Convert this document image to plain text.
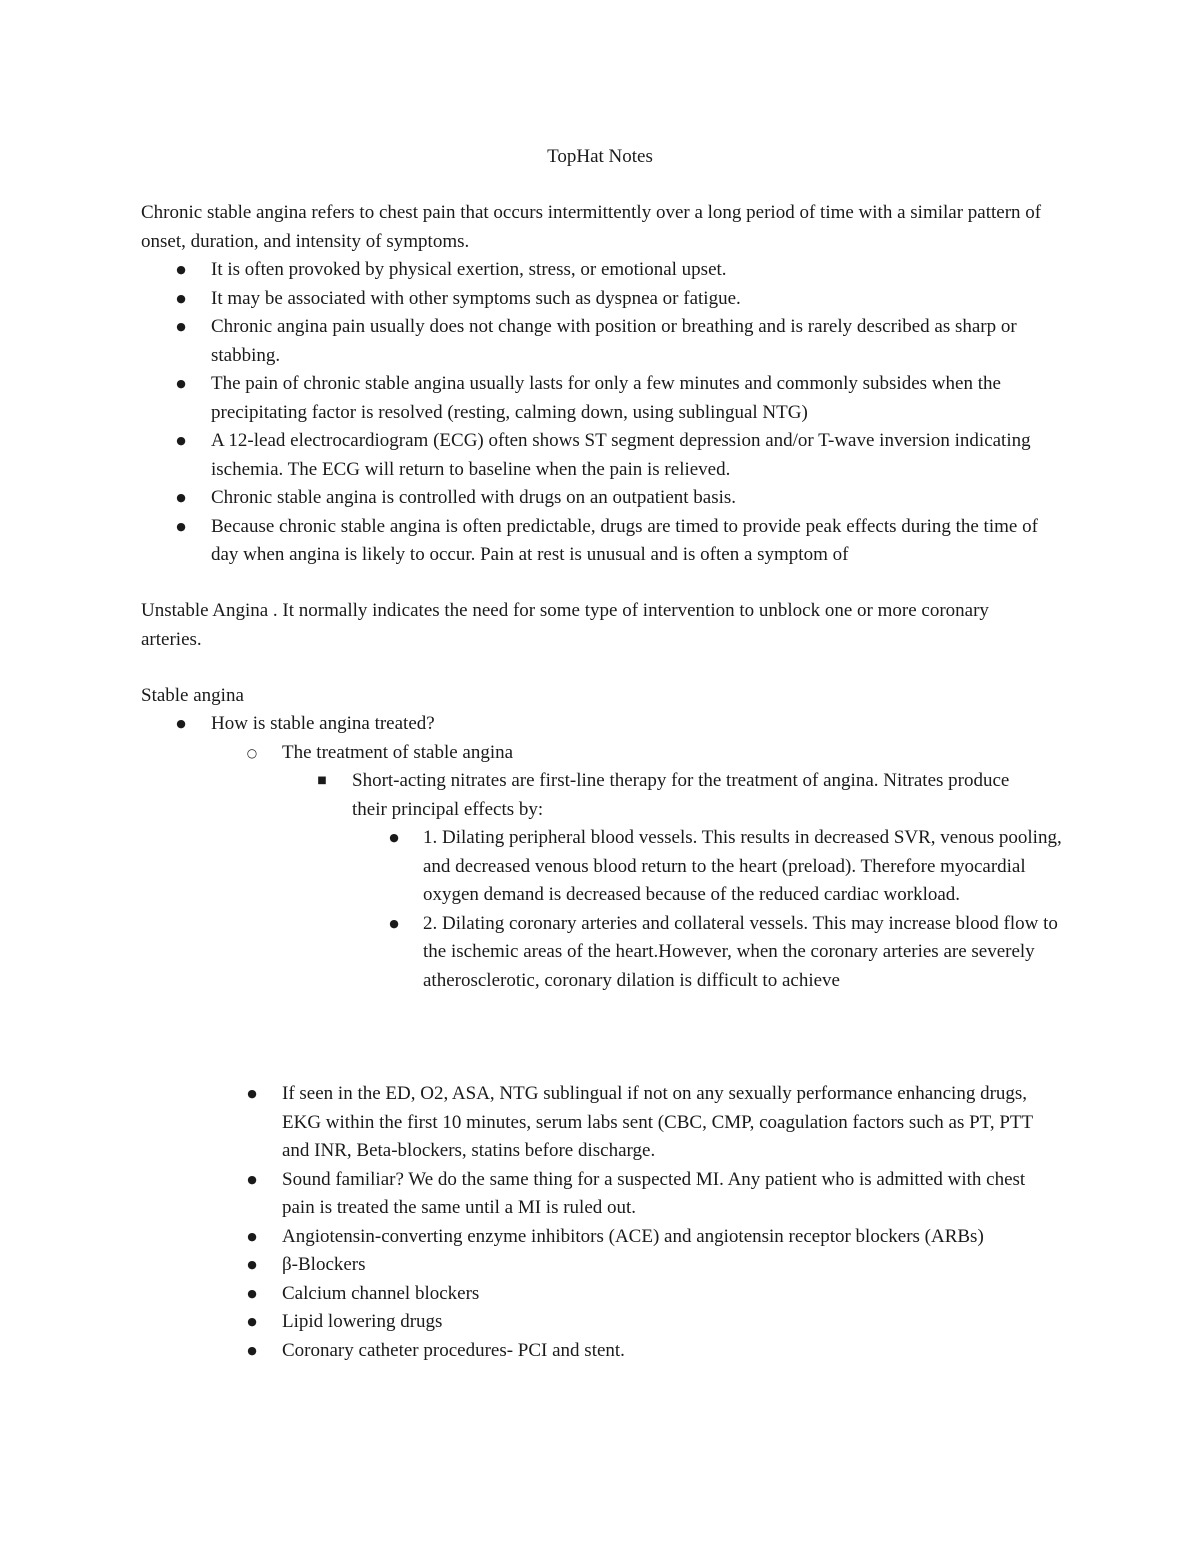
TopHat Notes

Chronic stable angina refers to chest pain that occurs intermittently over a long period of time with a similar pattern of onset, duration, and intensity of symptoms.

● It is often provoked by physical exertion, stress, or emotional upset.
● It may be associated with other symptoms such as dyspnea or fatigue.
● Chronic angina pain usually does not change with position or breathing and is rarely described as sharp or stabbing.
● The pain of chronic stable angina usually lasts for only a few minutes and commonly subsides when the precipitating factor is resolved (resting, calming down, using sublingual NTG)
● A 12-lead electrocardiogram (ECG) often shows ST segment depression and/or T-wave inversion indicating ischemia. The ECG will return to baseline when the pain is relieved.
● Chronic stable angina is controlled with drugs on an outpatient basis.
● Because chronic stable angina is often predictable, drugs are timed to provide peak effects during the time of day when angina is likely to occur. Pain at rest is unusual and is often a symptom of

Unstable Angina . It normally indicates the need for some type of intervention to unblock one or more coronary arteries.

Stable angina

● How is stable angina treated?
○ The treatment of stable angina
■ Short-acting nitrates are first-line therapy for the treatment of angina. Nitrates produce their principal effects by:
● 1. Dilating peripheral blood vessels. This results in decreased SVR, venous pooling, and decreased venous blood return to the heart (preload). Therefore myocardial oxygen demand is decreased because of the reduced cardiac workload.
● 2. Dilating coronary arteries and collateral vessels. This may increase blood flow to the ischemic areas of the heart.However, when the coronary arteries are severely atherosclerotic, coronary dilation is difficult to achieve
● If seen in the ED, O2, ASA, NTG sublingual if not on any sexually performance enhancing drugs, EKG within the first 10 minutes, serum labs sent (CBC, CMP, coagulation factors such as PT, PTT and INR, Beta-blockers, statins before discharge.
● Sound familiar? We do the same thing for a suspected MI. Any patient who is admitted with chest pain is treated the same until a MI is ruled out.
● Angiotensin-converting enzyme inhibitors (ACE) and angiotensin receptor blockers (ARBs)
● β-Blockers
● Calcium channel blockers
● Lipid lowering drugs
● Coronary catheter procedures- PCI and stent.
